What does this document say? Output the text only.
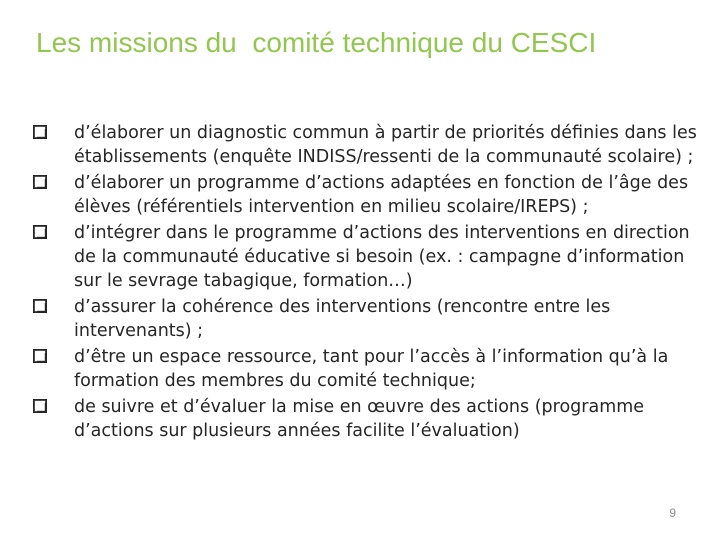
Les missions du  comité technique du CESCI
d’élaborer un diagnostic commun à partir de priorités définies dans les établissements (enquête INDISS/ressenti de la communauté scolaire) ;
d’élaborer un programme d’actions adaptées en fonction de l’âge des élèves (référentiels intervention en milieu scolaire/IREPS) ;
d’intégrer dans le programme d’actions des interventions en direction de la communauté éducative si besoin (ex. : campagne d’information sur le sevrage tabagique, formation…)
d’assurer la cohérence des interventions (rencontre entre les intervenants) ;
d’être un espace ressource, tant pour l’accès à l’information qu’à la formation des membres du comité technique;
de suivre et d’évaluer la mise en œuvre des actions (programme d’actions sur plusieurs années facilite l’évaluation)
9
